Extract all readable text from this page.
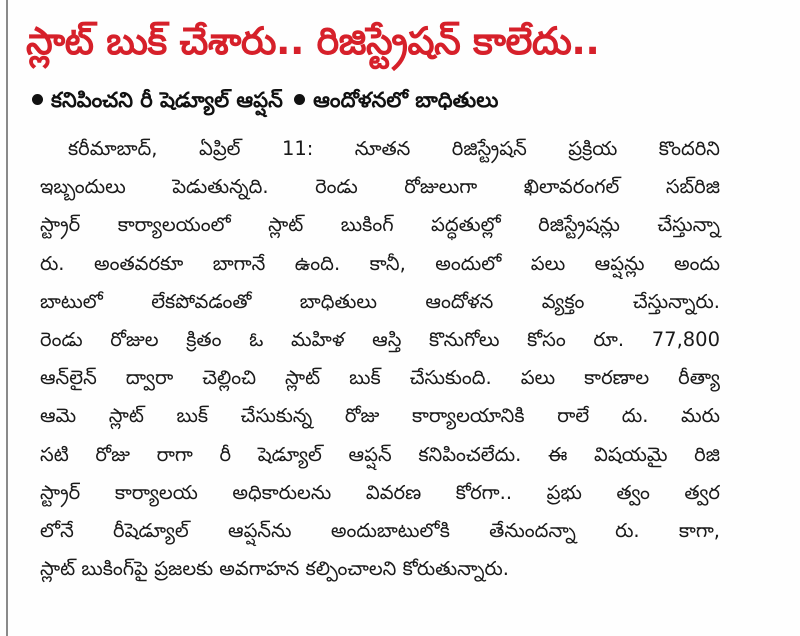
స్లాట్ బుక్ చేశారు.. రిజిస్ట్రేషన్ కాలేదు..
కనిపించని రీ షెడ్యూల్ ఆప్షన్ ఆందోళనలో బాధితులు
కరీమాబాద్, ఏప్రిల్ 11: నూతన రిజిస్ట్రేషన్ ప్రక్రియ కొందరిని
ఇబ్బందులు పెడుతున్నది. రెండు రోజులుగా ఖిలావరంగల్ సబ్‌రిజి
స్ట్రార్ కార్యాలయంలో స్లాట్ బుకింగ్ పద్ధతుల్లో రిజిస్ట్రేషన్లు చేస్తున్నా
రు. అంతవరకూ బాగానే ఉంది. కానీ, అందులో పలు ఆప్షన్లు అందు
బాటులో లేకపోవడంతో బాధితులు ఆందోళన వ్యక్తం చేస్తున్నారు.
రెండు రోజుల క్రితం ఓ మహిళ ఆస్తి కొనుగోలు కోసం రూ. 77,800
ఆన్‌లైన్ ద్వారా చెల్లించి స్లాట్ బుక్ చేసుకుంది. పలు కారణాల రీత్యా
ఆమె స్లాట్ బుక్ చేసుకున్న రోజు కార్యాలయానికి రాలే దు. మరు
సటి రోజు రాగా రీ షెడ్యూల్ ఆప్షన్ కనిపించలేదు. ఈ విషయమై రిజి
స్ట్రార్ కార్యాలయ అధికారులను వివరణ కోరగా.. ప్రభు త్వం త్వర
లోనే రీషెడ్యూల్ ఆప్షన్‌ను అందుబాటులోకి తేనుందన్నా రు. కాగా,
స్లాట్ బుకింగ్‌పై ప్రజలకు అవగాహన కల్పించాలని కోరుతున్నారు.
